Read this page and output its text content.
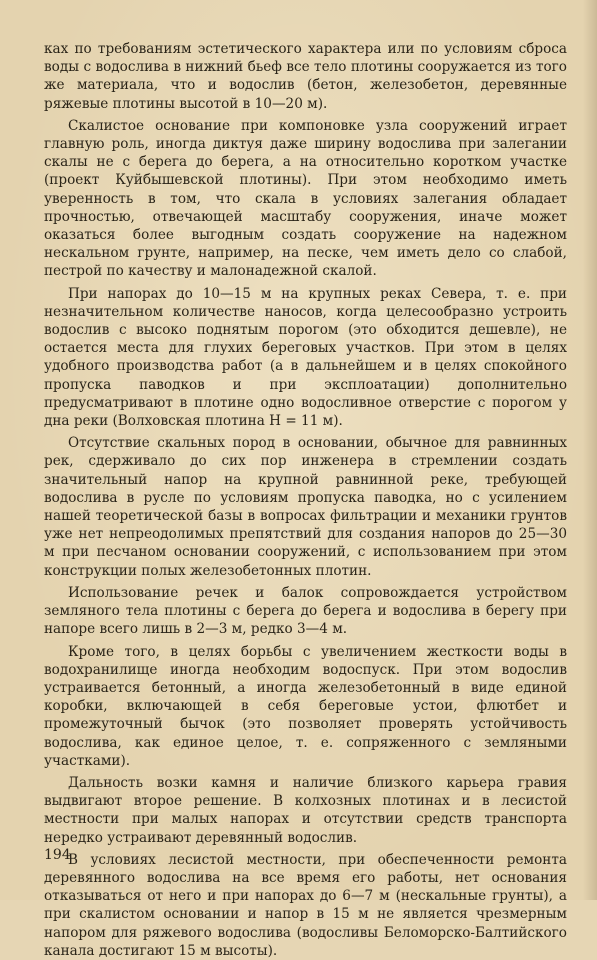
ках по требованиям эстетического характера или по условиям сброса воды с водослива в нижний бьеф все тело плотины сооружается из того же материала, что и водослив (бетон, железобетон, деревянные ряжевые плотины высотой в 10—20 м).

Скалистое основание при компоновке узла сооружений играет главную роль, иногда диктуя даже ширину водослива при залегании скалы не с берега до берега, а на относительно коротком участке (проект Куйбышевской плотины). При этом необходимо иметь уверенность в том, что скала в условиях залегания обладает прочностью, отвечающей масштабу сооружения, иначе может оказаться более выгодным создать сооружение на надежном нескальном грунте, например, на песке, чем иметь дело со слабой, пестрой по качеству и малонадежной скалой.

При напорах до 10—15 м на крупных реках Севера, т. е. при незначительном количестве наносов, когда целесообразно устроить водослив с высоко поднятым порогом (это обходится дешевле), не остается места для глухих береговых участков. При этом в целях удобного производства работ (а в дальнейшем и в целях спокойного пропуска паводков и при эксплоатации) дополнительно предусматривают в плотине одно водосливное отверстие с порогом у дна реки (Волховская плотина H = 11 м).

Отсутствие скальных пород в основании, обычное для равнинных рек, сдерживало до сих пор инженера в стремлении создать значительный напор на крупной равнинной реке, требующей водослива в русле по условиям пропуска паводка, но с усилением нашей теоретической базы в вопросах фильтрации и механики грунтов уже нет непреодолимых препятствий для создания напоров до 25—30 м при песчаном основании сооружений, с использованием при этом конструкции полых железобетонных плотин.

Использование речек и балок сопровождается устройством земляного тела плотины с берега до берега и водослива в берегу при напоре всего лишь в 2—3 м, редко 3—4 м.

Кроме того, в целях борьбы с увеличением жесткости воды в водохранилище иногда необходим водоспуск. При этом водослив устраивается бетонный, а иногда железобетонный в виде единой коробки, включающей в себя береговые устои, флютбет и промежуточный бычок (это позволяет проверять устойчивость водослива, как единое целое, т. е. сопряженного с земляными участками).

Дальность возки камня и наличие близкого карьера гравия выдвигают второе решение. В колхозных плотинах и в лесистой местности при малых напорах и отсутствии средств транспорта нередко устраивают деревянный водослив.

В условиях лесистой местности, при обеспеченности ремонта деревянного водослива на все время его работы, нет основания отказываться от него и при напорах до 6—7 м (нескальные грунты), а при скалистом основании и напор в 15 м не является чрезмерным напором для ряжевого водослива (водосливы Беломорско-Балтийского канала достигают 15 м высоты).

194
